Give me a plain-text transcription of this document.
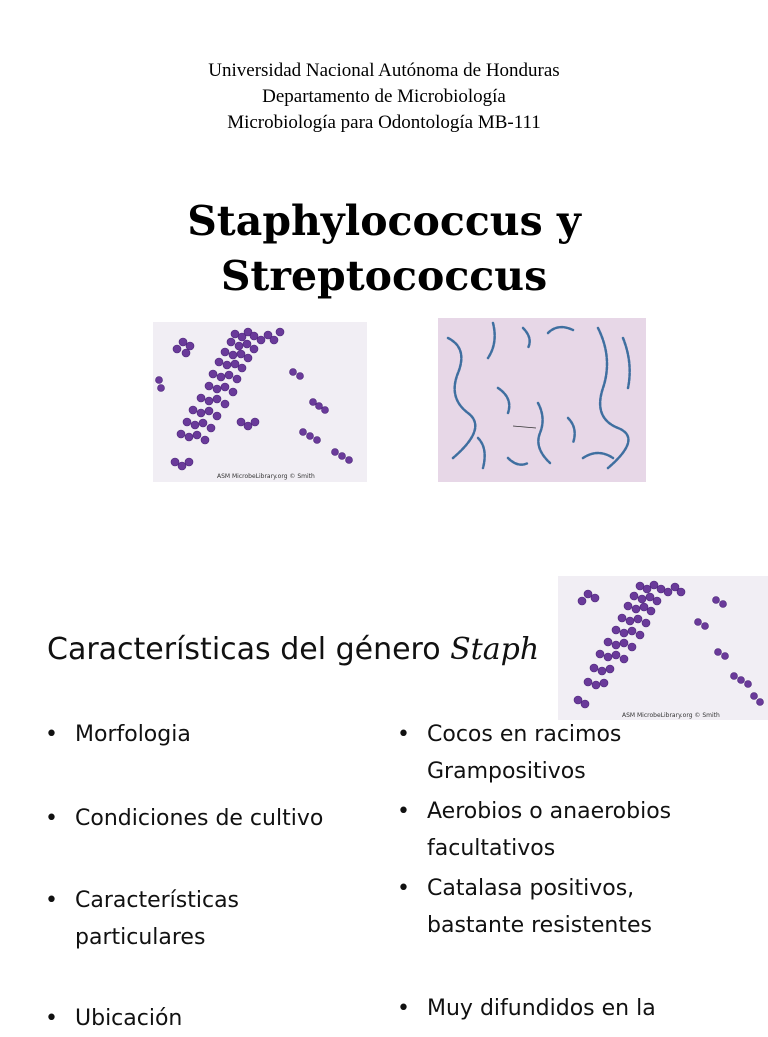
Universidad Nacional Autónoma de Honduras
Departamento de Microbiología
Microbiología para Odontología MB-111
Staphylococcus y
Streptococcus
ASM MicrobeLibrary.org © Smith
ASM MicrobeLibrary.org © Smith
Características del género Staph
• Morfologia
• Condiciones de cultivo
• Características
particulares
• Ubicación
• Cocos en racimos
Grampositivos
• Aerobios o anaerobios
facultativos
• Catalasa positivos,
bastante resistentes
• Muy difundidos en la
